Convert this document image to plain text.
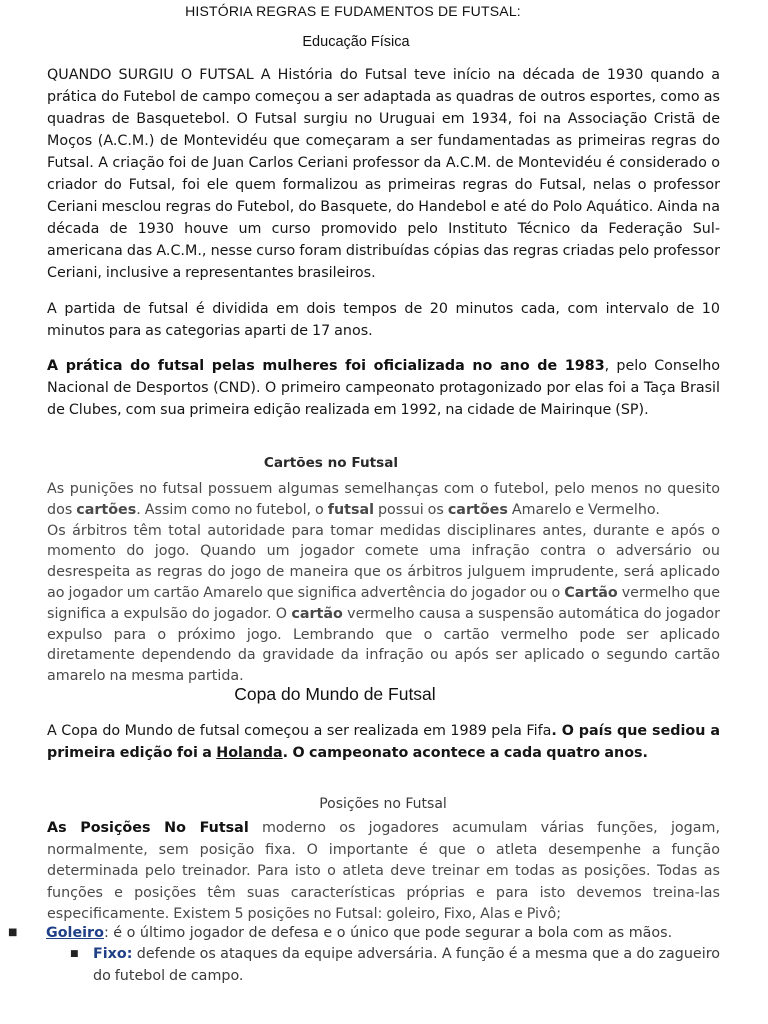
HISTÓRIA REGRAS E FUDAMENTOS DE FUTSAL:
Educação Física

QUANDO SURGIU O FUTSAL A História do Futsal teve início na década de 1930 quando a prática do Futebol de campo começou a ser adaptada as quadras de outros esportes, como as quadras de Basquetebol. O Futsal surgiu no Uruguai em 1934, foi na Associação Cristã de Moços (A.C.M.) de Montevidéu que começaram a ser fundamentadas as primeiras regras do Futsal. A criação foi de Juan Carlos Ceriani professor da A.C.M. de Montevidéu é considerado o criador do Futsal, foi ele quem formalizou as primeiras regras do Futsal, nelas o professor Ceriani mesclou regras do Futebol, do Basquete, do Handebol e até do Polo Aquático. Ainda na década de 1930 houve um curso promovido pelo Instituto Técnico da Federação Sul-americana das A.C.M., nesse curso foram distribuídas cópias das regras criadas pelo professor Ceriani, inclusive a representantes brasileiros.

A partida de futsal é dividida em dois tempos de 20 minutos cada, com intervalo de 10 minutos para as categorias aparti de 17 anos.

A prática do futsal pelas mulheres foi oficializada no ano de 1983, pelo Conselho Nacional de Desportos (CND). O primeiro campeonato protagonizado por elas foi a Taça Brasil de Clubes, com sua primeira edição realizada em 1992, na cidade de Mairinque (SP).

Cartões no Futsal
As punições no futsal possuem algumas semelhanças com o futebol, pelo menos no quesito dos cartões. Assim como no futebol, o futsal possui os cartões Amarelo e Vermelho.
Os árbitros têm total autoridade para tomar medidas disciplinares antes, durante e após o momento do jogo. Quando um jogador comete uma infração contra o adversário ou desrespeita as regras do jogo de maneira que os árbitros julguem imprudente, será aplicado ao jogador um cartão Amarelo que significa advertência do jogador ou o Cartão vermelho que significa a expulsão do jogador. O cartão vermelho causa a suspensão automática do jogador expulso para o próximo jogo. Lembrando que o cartão vermelho pode ser aplicado diretamente dependendo da gravidade da infração ou após ser aplicado o segundo cartão amarelo na mesma partida.
Copa do Mundo de Futsal

A Copa do Mundo de futsal começou a ser realizada em 1989 pela Fifa. O país que sediou a primeira edição foi a Holanda. O campeonato acontece a cada quatro anos.

Posições no Futsal

As Posições No Futsal moderno os jogadores acumulam várias funções, jogam, normalmente, sem posição fixa. O importante é que o atleta desempenhe a função determinada pelo treinador. Para isto o atleta deve treinar em todas as posições. Todas as funções e posições têm suas características próprias e para isto devemos treina-las especificamente. Existem 5 posições no Futsal: goleiro, Fixo, Alas e Pivô;

■ Goleiro: é o último jogador de defesa e o único que pode segurar a bola com as mãos.
■	Fixo: defende os ataques da equipe adversária. A função é a mesma que a do zagueiro do futebol de campo.
